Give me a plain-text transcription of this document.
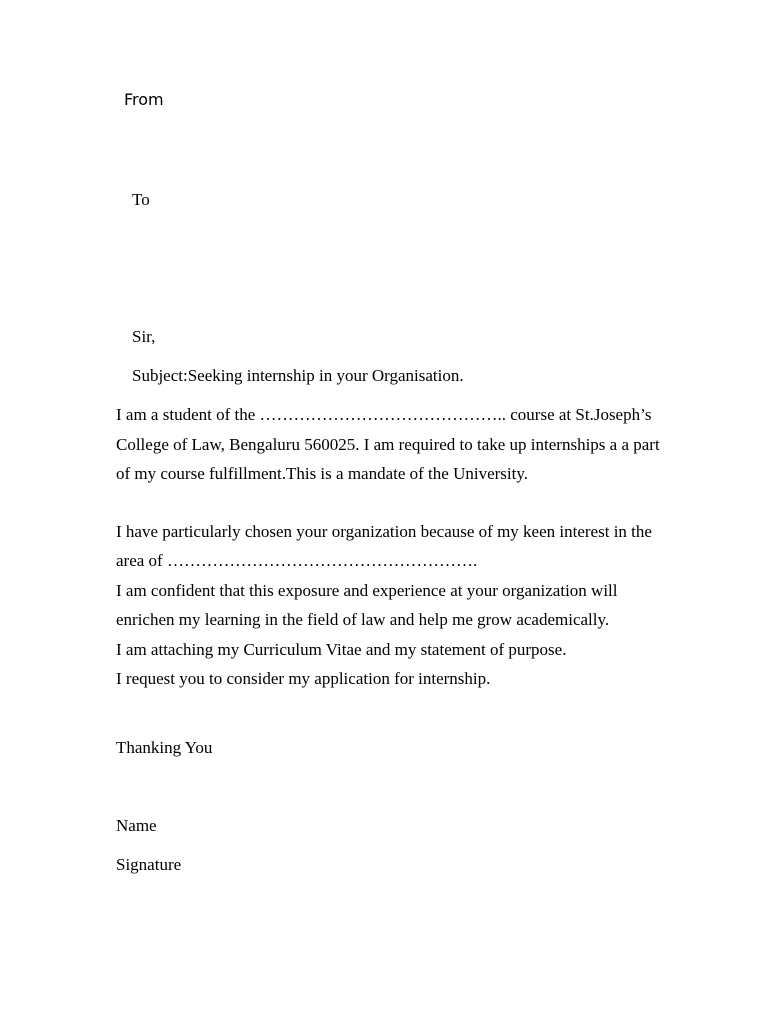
From
To
Sir,
Subject:Seeking internship in your Organisation.
I am a student of the …………………………………….. course at St.Joseph’s
College of Law, Bengaluru 560025. I am required to take up internships a a part
of my course fulfillment.This is a mandate of the University.
I have particularly chosen your organization because of my keen interest in the
area of ……………………………………………….
I am confident that this exposure and experience at your organization will
enrichen my learning in the field of law and help me grow academically.
I am attaching my Curriculum Vitae and my statement of purpose.
I request you to consider my application for internship.
Thanking You
Name
Signature
